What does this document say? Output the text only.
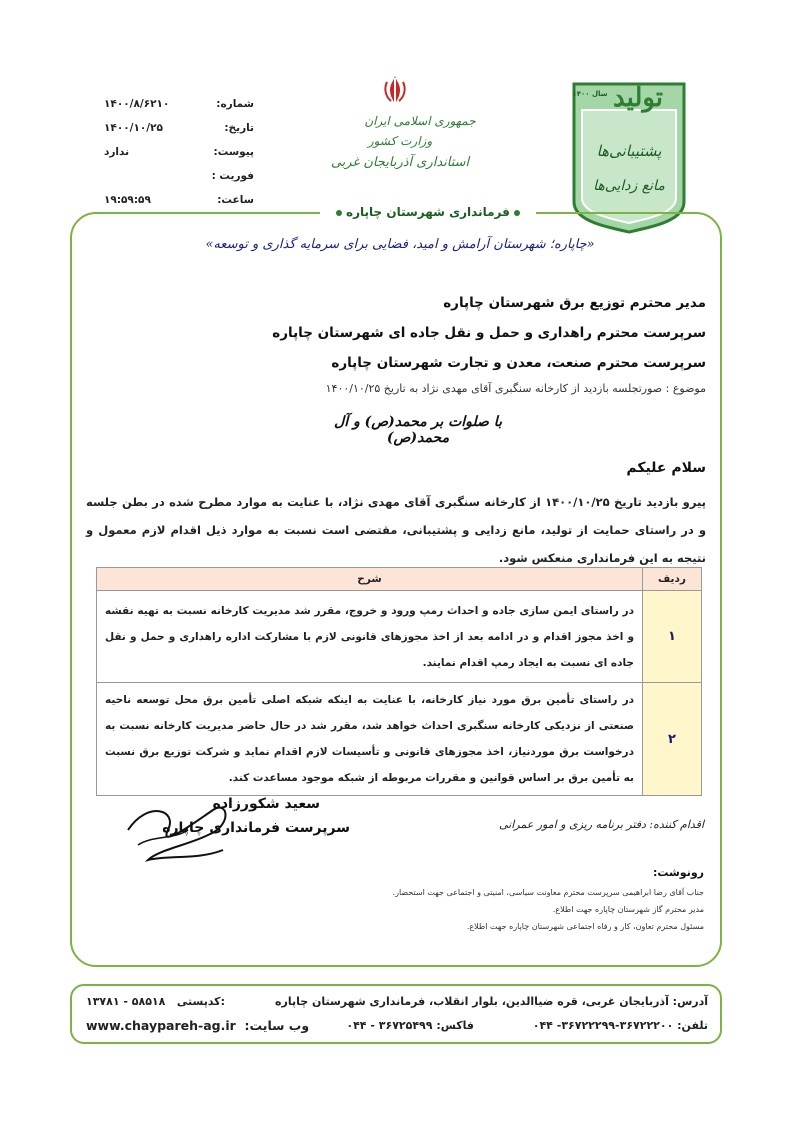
شماره:
۱۴۰۰/۸/۶۲۱۰
تاریخ:
۱۴۰۰/۱۰/۲۵
پیوست:
ندارد
فوریت :
ساعت:
۱۹:۵۹:۵۹
جمهوری اسلامی ایران
وزارت کشور
استانداری آذربایجان غربی
تولید
سال ۱۴۰۰
پشتیبانی‌ها
مانع زدایی‌ها
فرمانداری شهرستان چاپاره
«چاپاره؛ شهرستان آرامش و امید، فضایی برای سرمایه گذاری و توسعه»
مدیر محترم توزیع برق شهرستان چاپاره
سرپرست محترم راهداری و حمل و نقل جاده ای شهرستان چاپاره
سرپرست محترم صنعت، معدن و تجارت شهرستان چاپاره
موضوع : صورتجلسه بازدید از کارخانه سنگبری آقای مهدی نژاد به تاریخ ۱۴۰۰/۱۰/۲۵
با صلوات بر محمد(ص) و آل محمد(ص)
سلام علیکم
پیرو بازدید تاریخ ۱۴۰۰/۱۰/۲۵ از کارخانه سنگبری آقای مهدی نژاد، با عنایت به موارد مطرح شده در بطن جلسه و در راستای حمایت از تولید، مانع زدایی و پشتیبانی، مقتضی است نسبت به موارد ذیل اقدام لازم معمول و نتیجه به این فرمانداری منعکس شود.
ردیف	شرح
۱	در راستای ایمن سازی جاده و احداث رمپ ورود و خروج، مقرر شد مدیریت کارخانه نسبت به تهیه نقشه و اخذ مجوز اقدام و در ادامه بعد از اخذ مجوزهای قانونی لازم با مشارکت اداره راهداری و حمل و نقل جاده ای نسبت به ایجاد رمپ اقدام نمایند.
۲	در راستای تأمین برق مورد نیاز کارخانه، با عنایت به اینکه شبکه اصلی تأمین برق محل توسعه ناحیه صنعتی از نزدیکی کارخانه سنگبری احداث خواهد شد، مقرر شد در حال حاضر مدیریت کارخانه نسبت به درخواست برق موردنیاز، اخذ مجوزهای قانونی و تأسیسات لازم اقدام نماید و شرکت توزیع برق نسبت به تأمین برق بر اساس قوانین و مقررات مربوطه از شبکه موجود مساعدت کند.
سعید شکورزاده
سرپرست فرمانداری چاپاره	اقدام کننده: دفتر برنامه ریزی و امور عمرانی
رونوشت:
جناب آقای رضا ابراهیمی سرپرست محترم معاونت سیاسی، امنیتی و اجتماعی جهت استحضار.
مدیر محترم گاز شهرستان چاپاره جهت اطلاع.
مسئول محترم تعاون، کار و رفاه اجتماعی شهرستان چاپاره جهت اطلاع.
آدرس: آذربایجان غربی، قره ضیاالدین، بلوار انقلاب، فرمانداری شهرستان چاپاره
۱۳۷۸۱ - ۵۸۵۱۸ کدپستی:
تلفن: ۳۶۷۲۲۲۰۰-۳۶۷۲۲۲۹۹- ۰۴۴
فاکس: ۳۶۷۲۵۴۹۹ - ۰۴۴
وب سایت:  www.chaypareh-ag.ir
